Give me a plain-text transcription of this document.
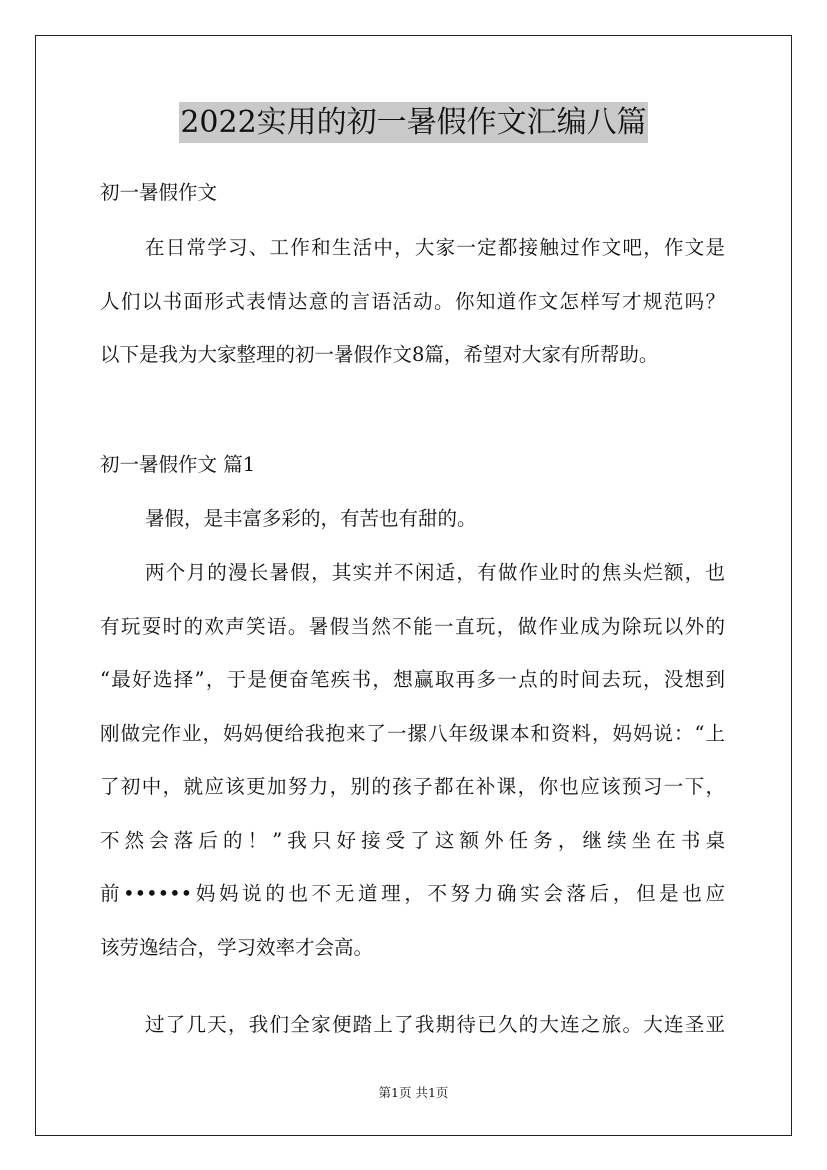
2022实用的初一暑假作文汇编八篇
初一暑假作文
在日常学习、工作和生活中，大家一定都接触过作文吧，作文是
人们以书面形式表情达意的言语活动。你知道作文怎样写才规范吗？
以下是我为大家整理的初一暑假作文8篇，希望对大家有所帮助。
初一暑假作文 篇1
暑假，是丰富多彩的，有苦也有甜的。
两个月的漫长暑假，其实并不闲适，有做作业时的焦头烂额，也
有玩耍时的欢声笑语。暑假当然不能一直玩，做作业成为除玩以外的
“最好选择”，于是便奋笔疾书，想赢取再多一点的时间去玩，没想到
刚做完作业，妈妈便给我抱来了一摞八年级课本和资料，妈妈说：“上
了初中，就应该更加努力，别的孩子都在补课，你也应该预习一下，
不然会落后的！”我只好接受了这额外任务，继续坐在书桌
前••••••妈妈说的也不无道理，不努力确实会落后，但是也应
该劳逸结合，学习效率才会高。
过了几天，我们全家便踏上了我期待已久的大连之旅。大连圣亚
第1页 共1页
